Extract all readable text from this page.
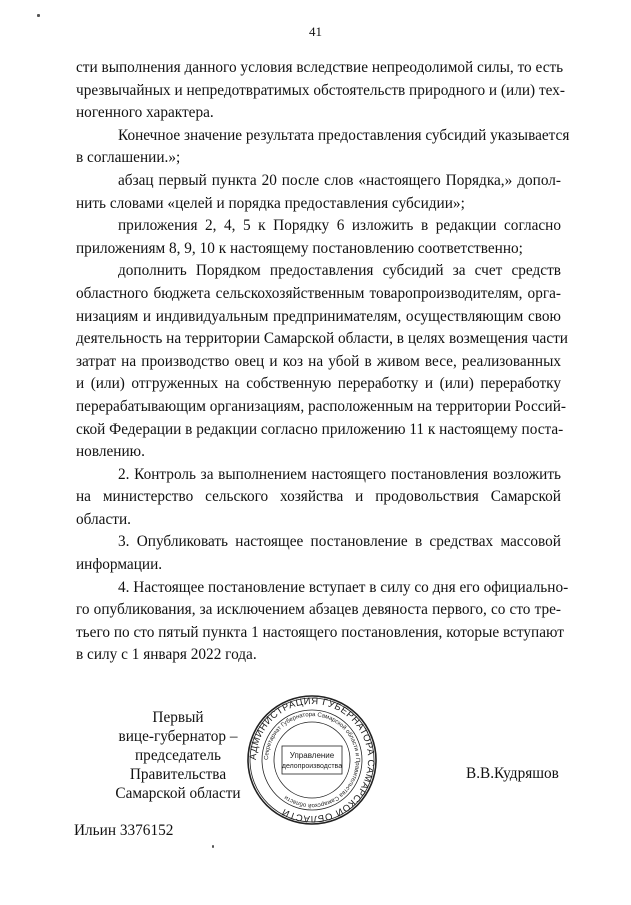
41
сти выполнения данного условия вследствие непреодолимой силы, то есть
чрезвычайных и непредотвратимых обстоятельств природного и (или) тех-
ногенного характера.
Конечное значение результата предоставления субсидий указывается
в соглашении.»;
абзац первый пункта 20 после слов «настоящего Порядка,» допол-
нить словами «целей и порядка предоставления субсидии»;
приложения 2, 4, 5 к Порядку 6 изложить в редакции согласно
приложениям 8, 9, 10 к настоящему постановлению соответственно;
дополнить Порядком предоставления субсидий за счет средств
областного бюджета сельскохозяйственным товаропроизводителям, орга-
низациям и индивидуальным предпринимателям, осуществляющим свою
деятельность на территории Самарской области, в целях возмещения части
затрат на производство овец и коз на убой в живом весе, реализованных
и (или) отгруженных на собственную переработку и (или) переработку
перерабатывающим организациям, расположенным на территории Россий-
ской Федерации в редакции согласно приложению 11 к настоящему поста-
новлению.
2. Контроль за выполнением настоящего постановления возложить
на министерство сельского хозяйства и продовольствия Самарской
области.
3. Опубликовать настоящее постановление в средствах массовой
информации.
4. Настоящее постановление вступает в силу со дня его официально-
го опубликования, за исключением абзацев девяноста первого, со сто тре-
тьего по сто пятый пункта 1 настоящего постановления, которые вступают
в силу с 1 января 2022 года.
Первый
вице-губернатор –
председатель Правительства
Самарской области
АДМИНИСТРАЦИЯ ГУБЕРНАТОРА САМАРСКОЙ ОБЛАСТИ
Секретариат Губернатора Самарской области и Правительства Самарской области
Управление
делопроизводства	В.В.Кудряшов
Ильин 3376152
